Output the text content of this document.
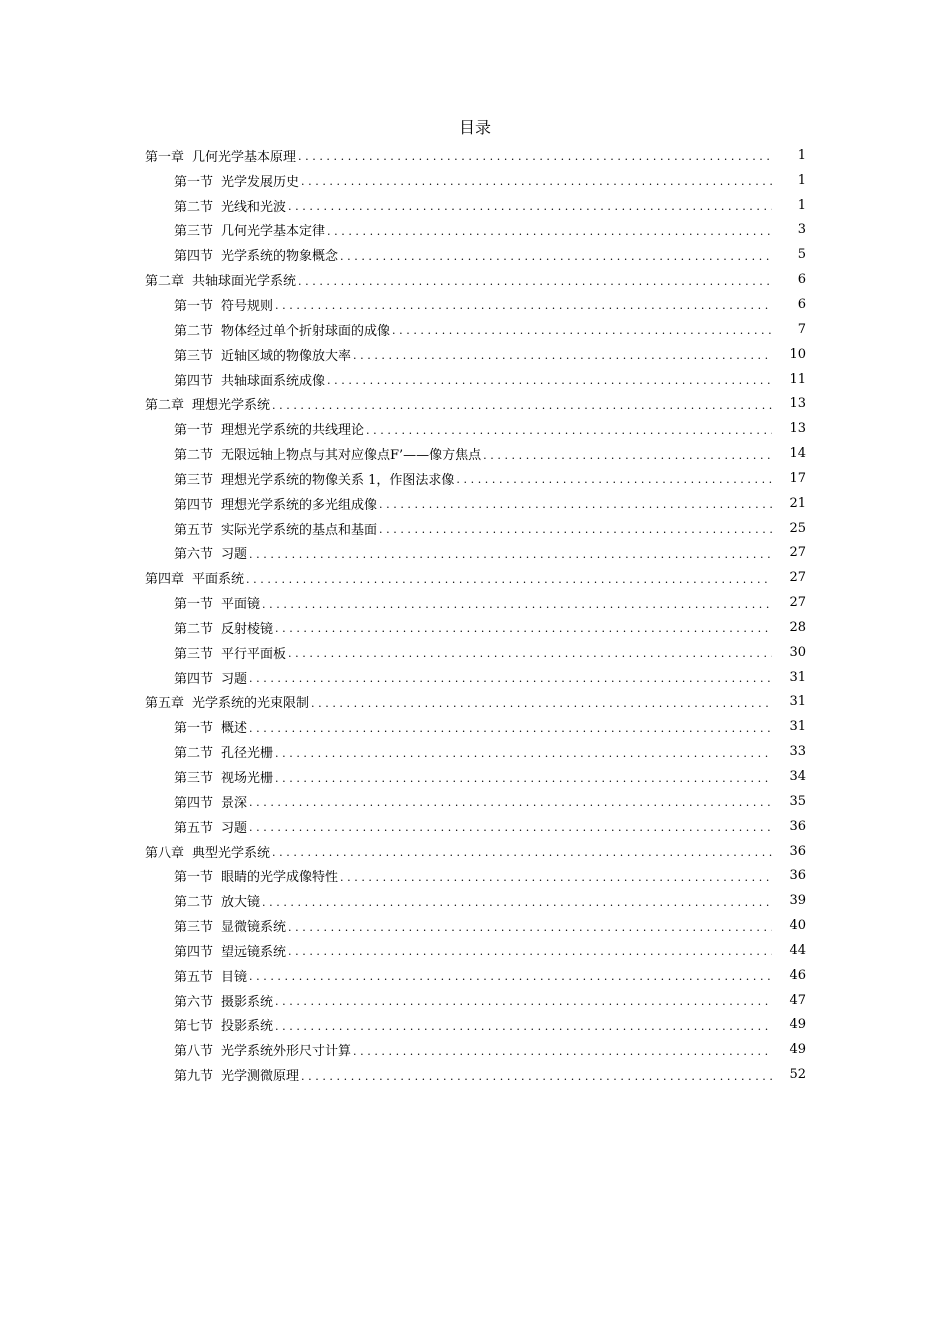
目录
第一章 几何光学基本原理 .....	1
第一节 光学发展历史 .....	1
第二节 光线和光波 .....	1
第三节 几何光学基本定律 .....	3
第四节 光学系统的物象概念 .....	5
第二章 共轴球面光学系统 .....	6
第一节 符号规则 .....	6
第二节 物体经过单个折射球面的成像 .....	7
第三节 近轴区域的物像放大率 .....	10
第四节 共轴球面系统成像 .....	11
第二章 理想光学系统 .....	13
第一节 理想光学系统的共线理论 .....	13
第二节 无限远轴上物点与其对应像点F’——像方焦点 .....	14
第三节 理想光学系统的物像关系 1，作图法求像 .....	17
第四节 理想光学系统的多光组成像 .....	21
第五节 实际光学系统的基点和基面 .....	25
第六节 习题 .....	27
第四章 平面系统 .....	27
第一节 平面镜 .....	27
第二节 反射棱镜 .....	28
第三节 平行平面板 .....	30
第四节 习题 .....	31
第五章 光学系统的光束限制 .....	31
第一节 概述 .....	31
第二节 孔径光栅 .....	33
第三节 视场光栅 .....	34
第四节 景深 .....	35
第五节 习题 .....	36
第八章 典型光学系统 .....	36
第一节 眼睛的光学成像特性 .....	36
第二节 放大镜 .....	39
第三节 显微镜系统 .....	40
第四节 望远镜系统 .....	44
第五节 目镜 .....	46
第六节 摄影系统 .....	47
第七节 投影系统 .....	49
第八节 光学系统外形尺寸计算 .....	49
第九节 光学测微原理 .....	52
